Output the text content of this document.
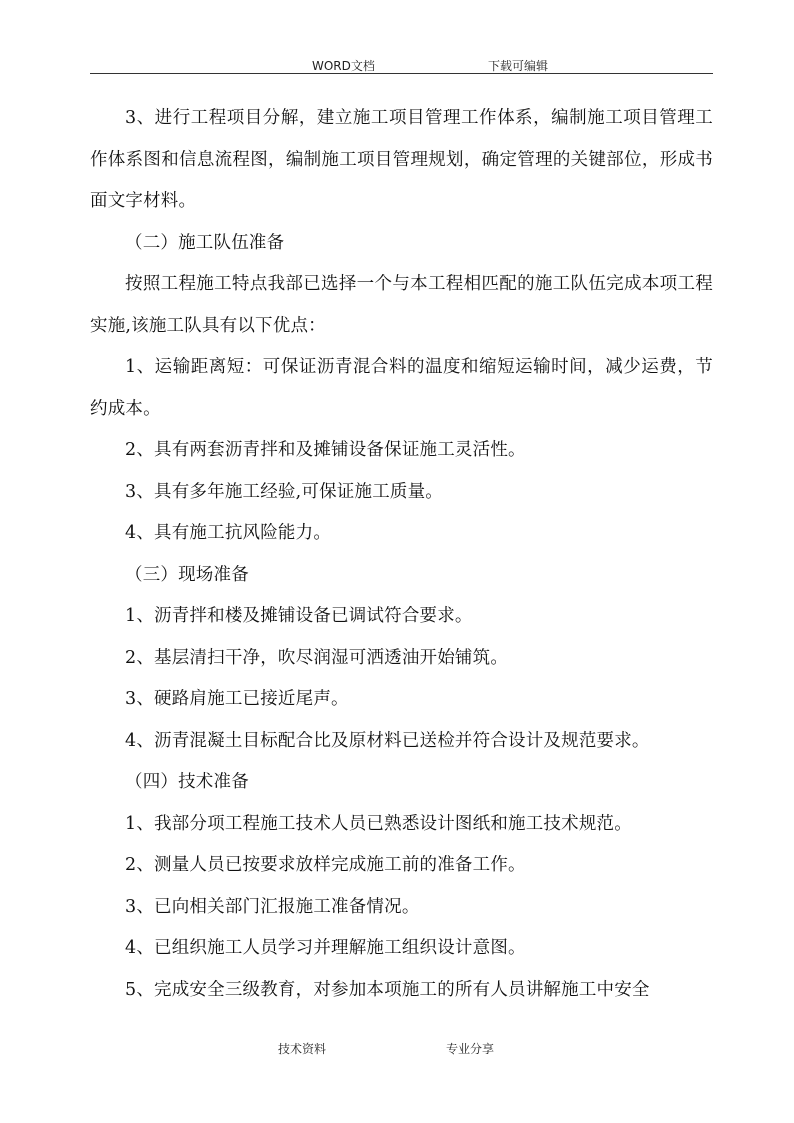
WORD文档	下载可编辑

3、进行工程项目分解，建立施工项目管理工作体系，编制施工项目管理工作体系图和信息流程图，编制施工项目管理规划，确定管理的关键部位，形成书面文字材料。

（二）施工队伍准备

按照工程施工特点我部已选择一个与本工程相匹配的施工队伍完成本项工程实施,该施工队具有以下优点：

1、运输距离短：可保证沥青混合料的温度和缩短运输时间，减少运费，节约成本。

2、具有两套沥青拌和及摊铺设备保证施工灵活性。

3、具有多年施工经验,可保证施工质量。

4、具有施工抗风险能力。

（三）现场准备

1、沥青拌和楼及摊铺设备已调试符合要求。

2、基层清扫干净，吹尽润湿可洒透油开始铺筑。

3、硬路肩施工已接近尾声。

4、沥青混凝土目标配合比及原材料已送检并符合设计及规范要求。

（四）技术准备

1、我部分项工程施工技术人员已熟悉设计图纸和施工技术规范。

2、测量人员已按要求放样完成施工前的准备工作。

3、已向相关部门汇报施工准备情况。

4、已组织施工人员学习并理解施工组织设计意图。

5、完成安全三级教育，对参加本项施工的所有人员讲解施工中安全

技术资料	专业分享
